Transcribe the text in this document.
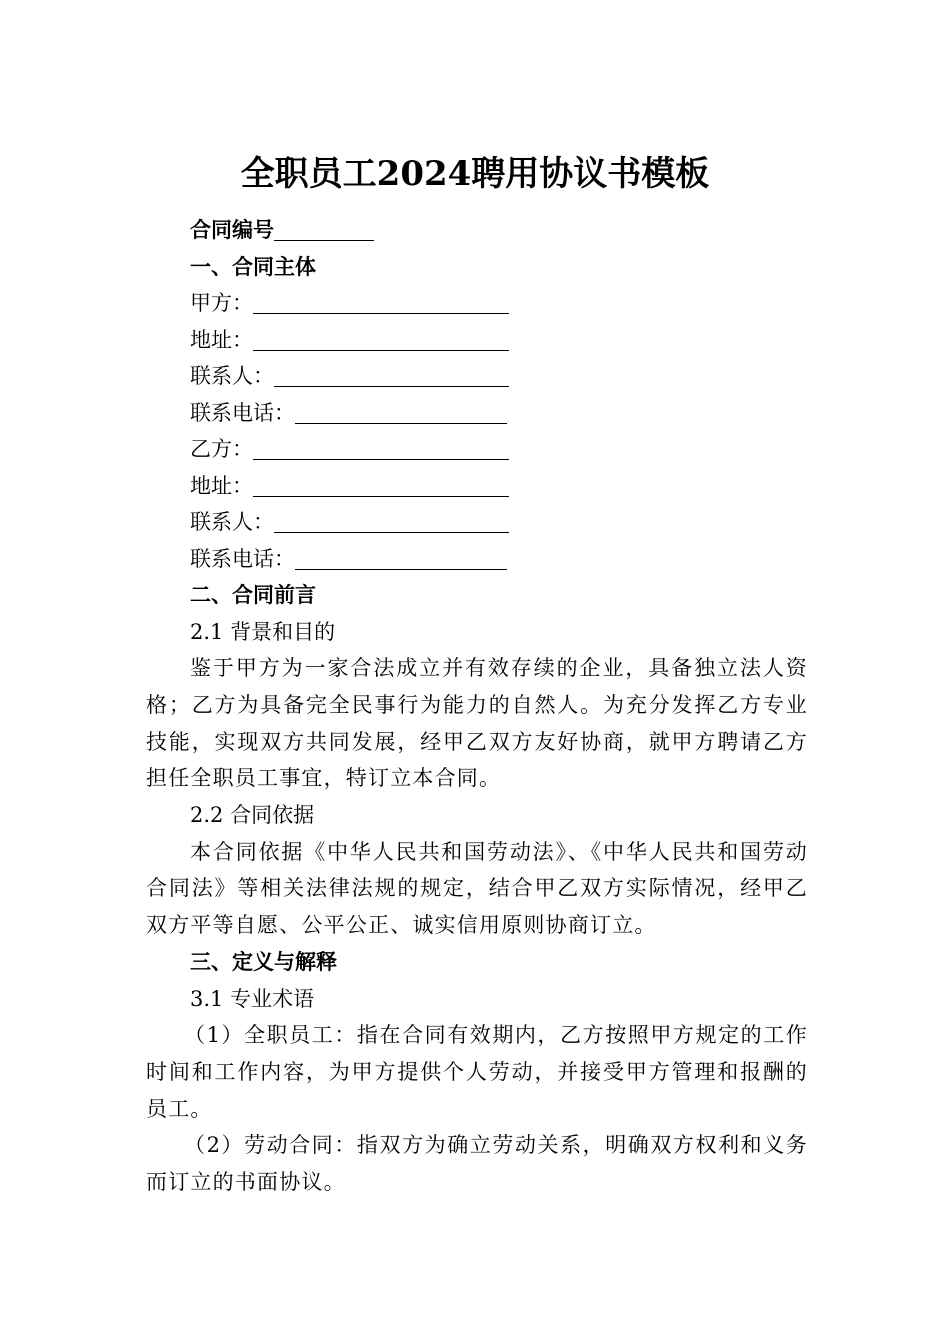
全职员工2024聘用协议书模板
合同编号
一、合同主体
甲方：
地址：
联系人：
联系电话：
乙方：
地址：
联系人：
联系电话：
二、合同前言
2.1 背景和目的
鉴于甲方为一家合法成立并有效存续的企业，具备独立法人资格；乙方为具备完全民事行为能力的自然人。为充分发挥乙方专业技能，实现双方共同发展，经甲乙双方友好协商，就甲方聘请乙方担任全职员工事宜，特订立本合同。
2.2 合同依据
本合同依据《中华人民共和国劳动法》、《中华人民共和国劳动合同法》等相关法律法规的规定，结合甲乙双方实际情况，经甲乙双方平等自愿、公平公正、诚实信用原则协商订立。
三、定义与解释
3.1 专业术语
（1）全职员工：指在合同有效期内，乙方按照甲方规定的工作时间和工作内容，为甲方提供个人劳动，并接受甲方管理和报酬的员工。
（2）劳动合同：指双方为确立劳动关系，明确双方权利和义务而订立的书面协议。
